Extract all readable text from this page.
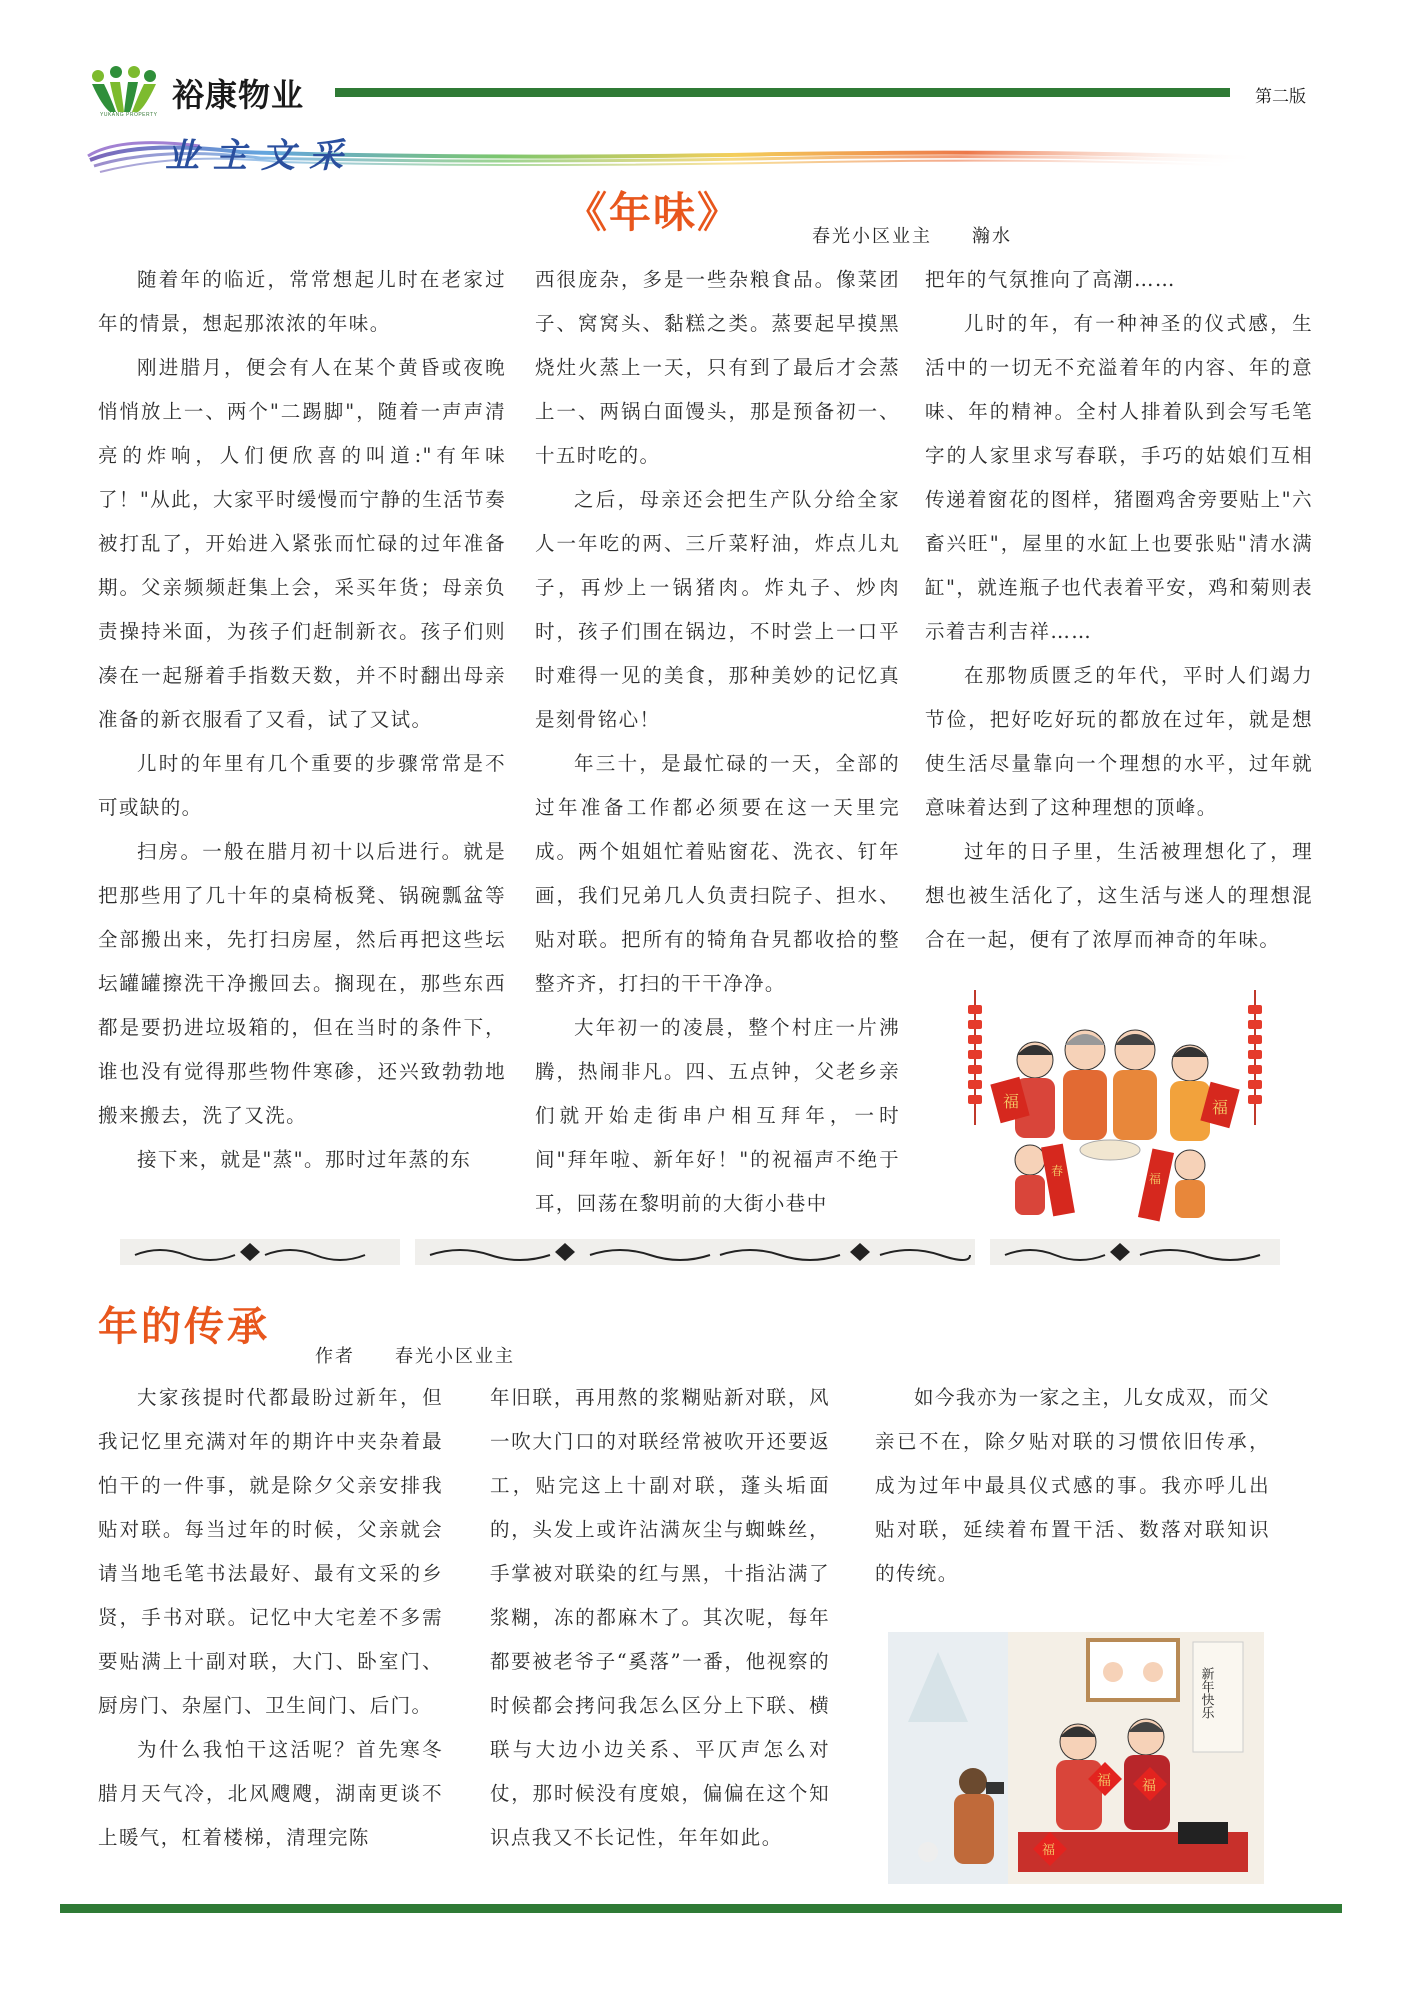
YUKANG PROPERTY
裕康物业	第二版
业主文采
《年味》	春光小区业主　　瀚水

随着年的临近，常常想起儿时在老家过年的情景，想起那浓浓的年味。

刚进腊月，便会有人在某个黄昏或夜晚悄悄放上一、两个"二踢脚"，随着一声声清亮的炸响，人们便欣喜的叫道:"有年味了！"从此，大家平时缓慢而宁静的生活节奏被打乱了，开始进入紧张而忙碌的过年准备期。父亲频频赶集上会，采买年货；母亲负责操持米面，为孩子们赶制新衣。孩子们则凑在一起掰着手指数天数，并不时翻出母亲准备的新衣服看了又看，试了又试。

儿时的年里有几个重要的步骤常常是不可或缺的。

扫房。一般在腊月初十以后进行。就是把那些用了几十年的桌椅板凳、锅碗瓢盆等全部搬出来，先打扫房屋，然后再把这些坛坛罐罐擦洗干净搬回去。搁现在，那些东西都是要扔进垃圾箱的，但在当时的条件下，谁也没有觉得那些物件寒碜，还兴致勃勃地搬来搬去，洗了又洗。

接下来，就是"蒸"。那时过年蒸的东

西很庞杂，多是一些杂粮食品。像菜团子、窝窝头、黏糕之类。蒸要起早摸黑烧灶火蒸上一天，只有到了最后才会蒸上一、两锅白面馒头，那是预备初一、十五时吃的。

之后，母亲还会把生产队分给全家人一年吃的两、三斤菜籽油，炸点儿丸子，再炒上一锅猪肉。炸丸子、炒肉时，孩子们围在锅边，不时尝上一口平时难得一见的美食，那种美妙的记忆真是刻骨铭心！

年三十，是最忙碌的一天，全部的过年准备工作都必须要在这一天里完成。两个姐姐忙着贴窗花、洗衣、钉年画，我们兄弟几人负责扫院子、担水、贴对联。把所有的犄角旮旯都收拾的整整齐齐，打扫的干干净净。

大年初一的凌晨，整个村庄一片沸腾，热闹非凡。四、五点钟，父老乡亲们就开始走街串户相互拜年，一时间"拜年啦、新年好！"的祝福声不绝于耳，回荡在黎明前的大街小巷中

把年的气氛推向了高潮……

儿时的年，有一种神圣的仪式感，生活中的一切无不充溢着年的内容、年的意味、年的精神。全村人排着队到会写毛笔字的人家里求写春联，手巧的姑娘们互相传递着窗花的图样，猪圈鸡舍旁要贴上"六畜兴旺"，屋里的水缸上也要张贴"清水满缸"，就连瓶子也代表着平安，鸡和菊则表示着吉利吉祥……

在那物质匮乏的年代，平时人们竭力节俭，把好吃好玩的都放在过年，就是想使生活尽量靠向一个理想的水平，过年就意味着达到了这种理想的顶峰。

过年的日子里，生活被理想化了，理想也被生活化了，这生活与迷人的理想混合在一起，便有了浓厚而神奇的年味。

福	福
春
福
年的传承
作者　　春光小区业主

大家孩提时代都最盼过新年，但我记忆里充满对年的期许中夹杂着最怕干的一件事，就是除夕父亲安排我贴对联。每当过年的时候，父亲就会请当地毛笔书法最好、最有文采的乡贤，手书对联。记忆中大宅差不多需要贴满上十副对联，大门、卧室门、厨房门、杂屋门、卫生间门、后门。

为什么我怕干这活呢？首先寒冬腊月天气冷，北风飕飕，湖南更谈不上暖气，杠着楼梯，清理完陈

年旧联，再用熬的浆糊贴新对联，风一吹大门口的对联经常被吹开还要返工，贴完这上十副对联，蓬头垢面的，头发上或许沾满灰尘与蜘蛛丝，手掌被对联染的红与黑，十指沾满了浆糊，冻的都麻木了。其次呢，每年都要被老爷子“奚落”一番，他视察的时候都会拷问我怎么区分上下联、横联与大边小边关系、平仄声怎么对仗，那时候没有度娘，偏偏在这个知识点我又不长记性，年年如此。

如今我亦为一家之主，儿女成双，而父亲已不在，除夕贴对联的习惯依旧传承，成为过年中最具仪式感的事。我亦呼儿出贴对联，延续着布置干活、数落对联知识的传统。

新年快乐
福 福
福
